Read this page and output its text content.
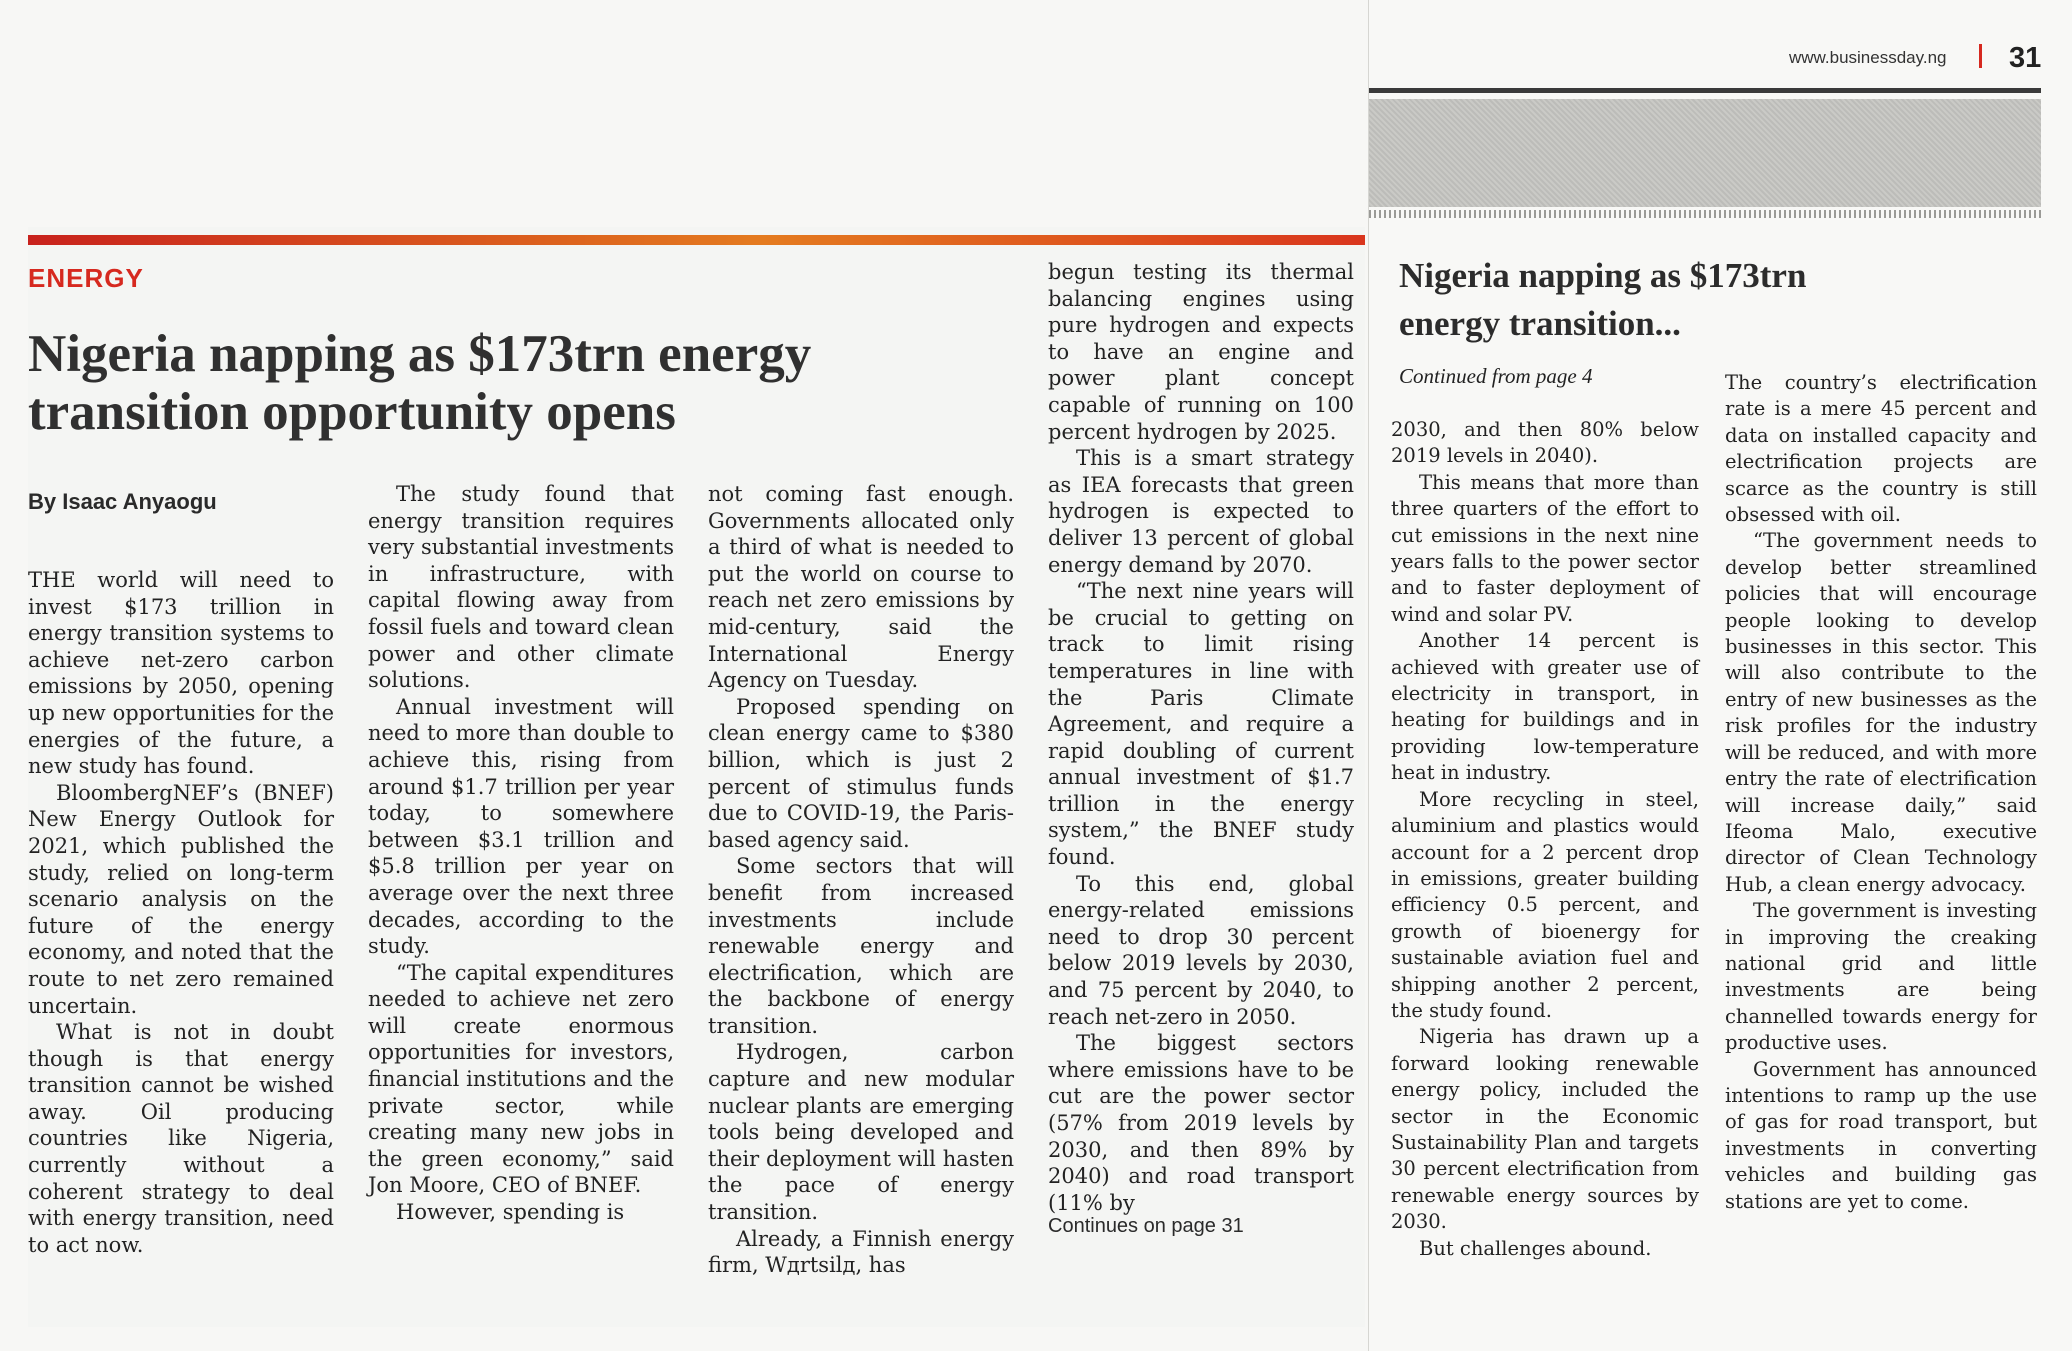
ENERGY
Nigeria napping as $173trn energy
transition opportunity opens
By Isaac Anyaogu

THE world will need to invest $173 trillion in energy transition systems to achieve net-zero carbon emissions by 2050, opening up new opportunities for the energies of the future, a new study has found.

BloombergNEF’s (BNEF) New Energy Outlook for 2021, which published the study, relied on long-term scenario analysis on the future of the energy economy, and noted that the route to net zero remained uncertain.

What is not in doubt though is that energy transition cannot be wished away. Oil producing countries like Nigeria, currently without a coherent strategy to deal with energy transition, need to act now.

The study found that energy transition requires very substantial investments in infrastructure, with capital flowing away from fossil fuels and toward clean power and other climate solutions.

Annual investment will need to more than double to achieve this, rising from around $1.7 trillion per year today, to somewhere between $3.1 trillion and $5.8 trillion per year on average over the next three decades, according to the study.

“The capital expenditures needed to achieve net zero will create enormous opportunities for investors, financial institutions and the private sector, while creating many new jobs in the green economy,” said Jon Moore, CEO of BNEF.

However, spending is

not coming fast enough. Governments allocated only a third of what is needed to put the world on course to reach net zero emissions by mid-century, said the International Energy Agency on Tuesday.

Proposed spending on clean energy came to $380 billion, which is just 2 percent of stimulus funds due to COVID-19, the Paris-based agency said.

Some sectors that will benefit from increased investments include renewable energy and electrification, which are the backbone of energy transition.

Hydrogen, carbon capture and new modular nuclear plants are emerging tools being developed and their deployment will hasten the pace of energy transition.

Already, a Finnish energy firm, Wдrtsilд, has

begun testing its thermal balancing engines using pure hydrogen and expects to have an engine and power plant concept capable of running on 100 percent hydrogen by 2025.

This is a smart strategy as IEA forecasts that green hydrogen is expected to deliver 13 percent of global energy demand by 2070.

“The next nine years will be crucial to getting on track to limit rising temperatures in line with the Paris Climate Agreement, and require a rapid doubling of current annual investment of $1.7 trillion in the energy system,” the BNEF study found.

To this end, global energy-related emissions need to drop 30 percent below 2019 levels by 2030, and 75 percent by 2040, to reach net-zero in 2050.

The biggest sectors where emissions have to be cut are the power sector (57% from 2019 levels by 2030, and then 89% by 2040) and road transport (11% by

Continues on page 31
www.businessday.ng 31
Nigeria napping as $173trn
energy transition...
Continued from page 4

2030, and then 80% below 2019 levels in 2040).

This means that more than three quarters of the effort to cut emissions in the next nine years falls to the power sector and to faster deployment of wind and solar PV.

Another 14 percent is achieved with greater use of electricity in transport, in heating for buildings and in providing low-temperature heat in industry.

More recycling in steel, aluminium and plastics would account for a 2 percent drop in emissions, greater building efficiency 0.5 percent, and growth of bioenergy for sustainable aviation fuel and shipping another 2 percent, the study found.

Nigeria has drawn up a forward looking renewable energy policy, included the sector in the Economic Sustainability Plan and targets 30 percent electrification from renewable energy sources by 2030.

But challenges abound.

The country’s electrification rate is a mere 45 percent and data on installed capacity and electrification projects are scarce as the country is still obsessed with oil.

“The government needs to develop better streamlined policies that will encourage people looking to develop businesses in this sector. This will also contribute to the entry of new businesses as the risk profiles for the industry will be reduced, and with more entry the rate of electrification will increase daily,” said Ifeoma Malo, executive director of Clean Technology Hub, a clean energy advocacy.

The government is investing in improving the creaking national grid and little investments are being channelled towards energy for productive uses.

Government has announced intentions to ramp up the use of gas for road transport, but investments in converting vehicles and building gas stations are yet to come.
